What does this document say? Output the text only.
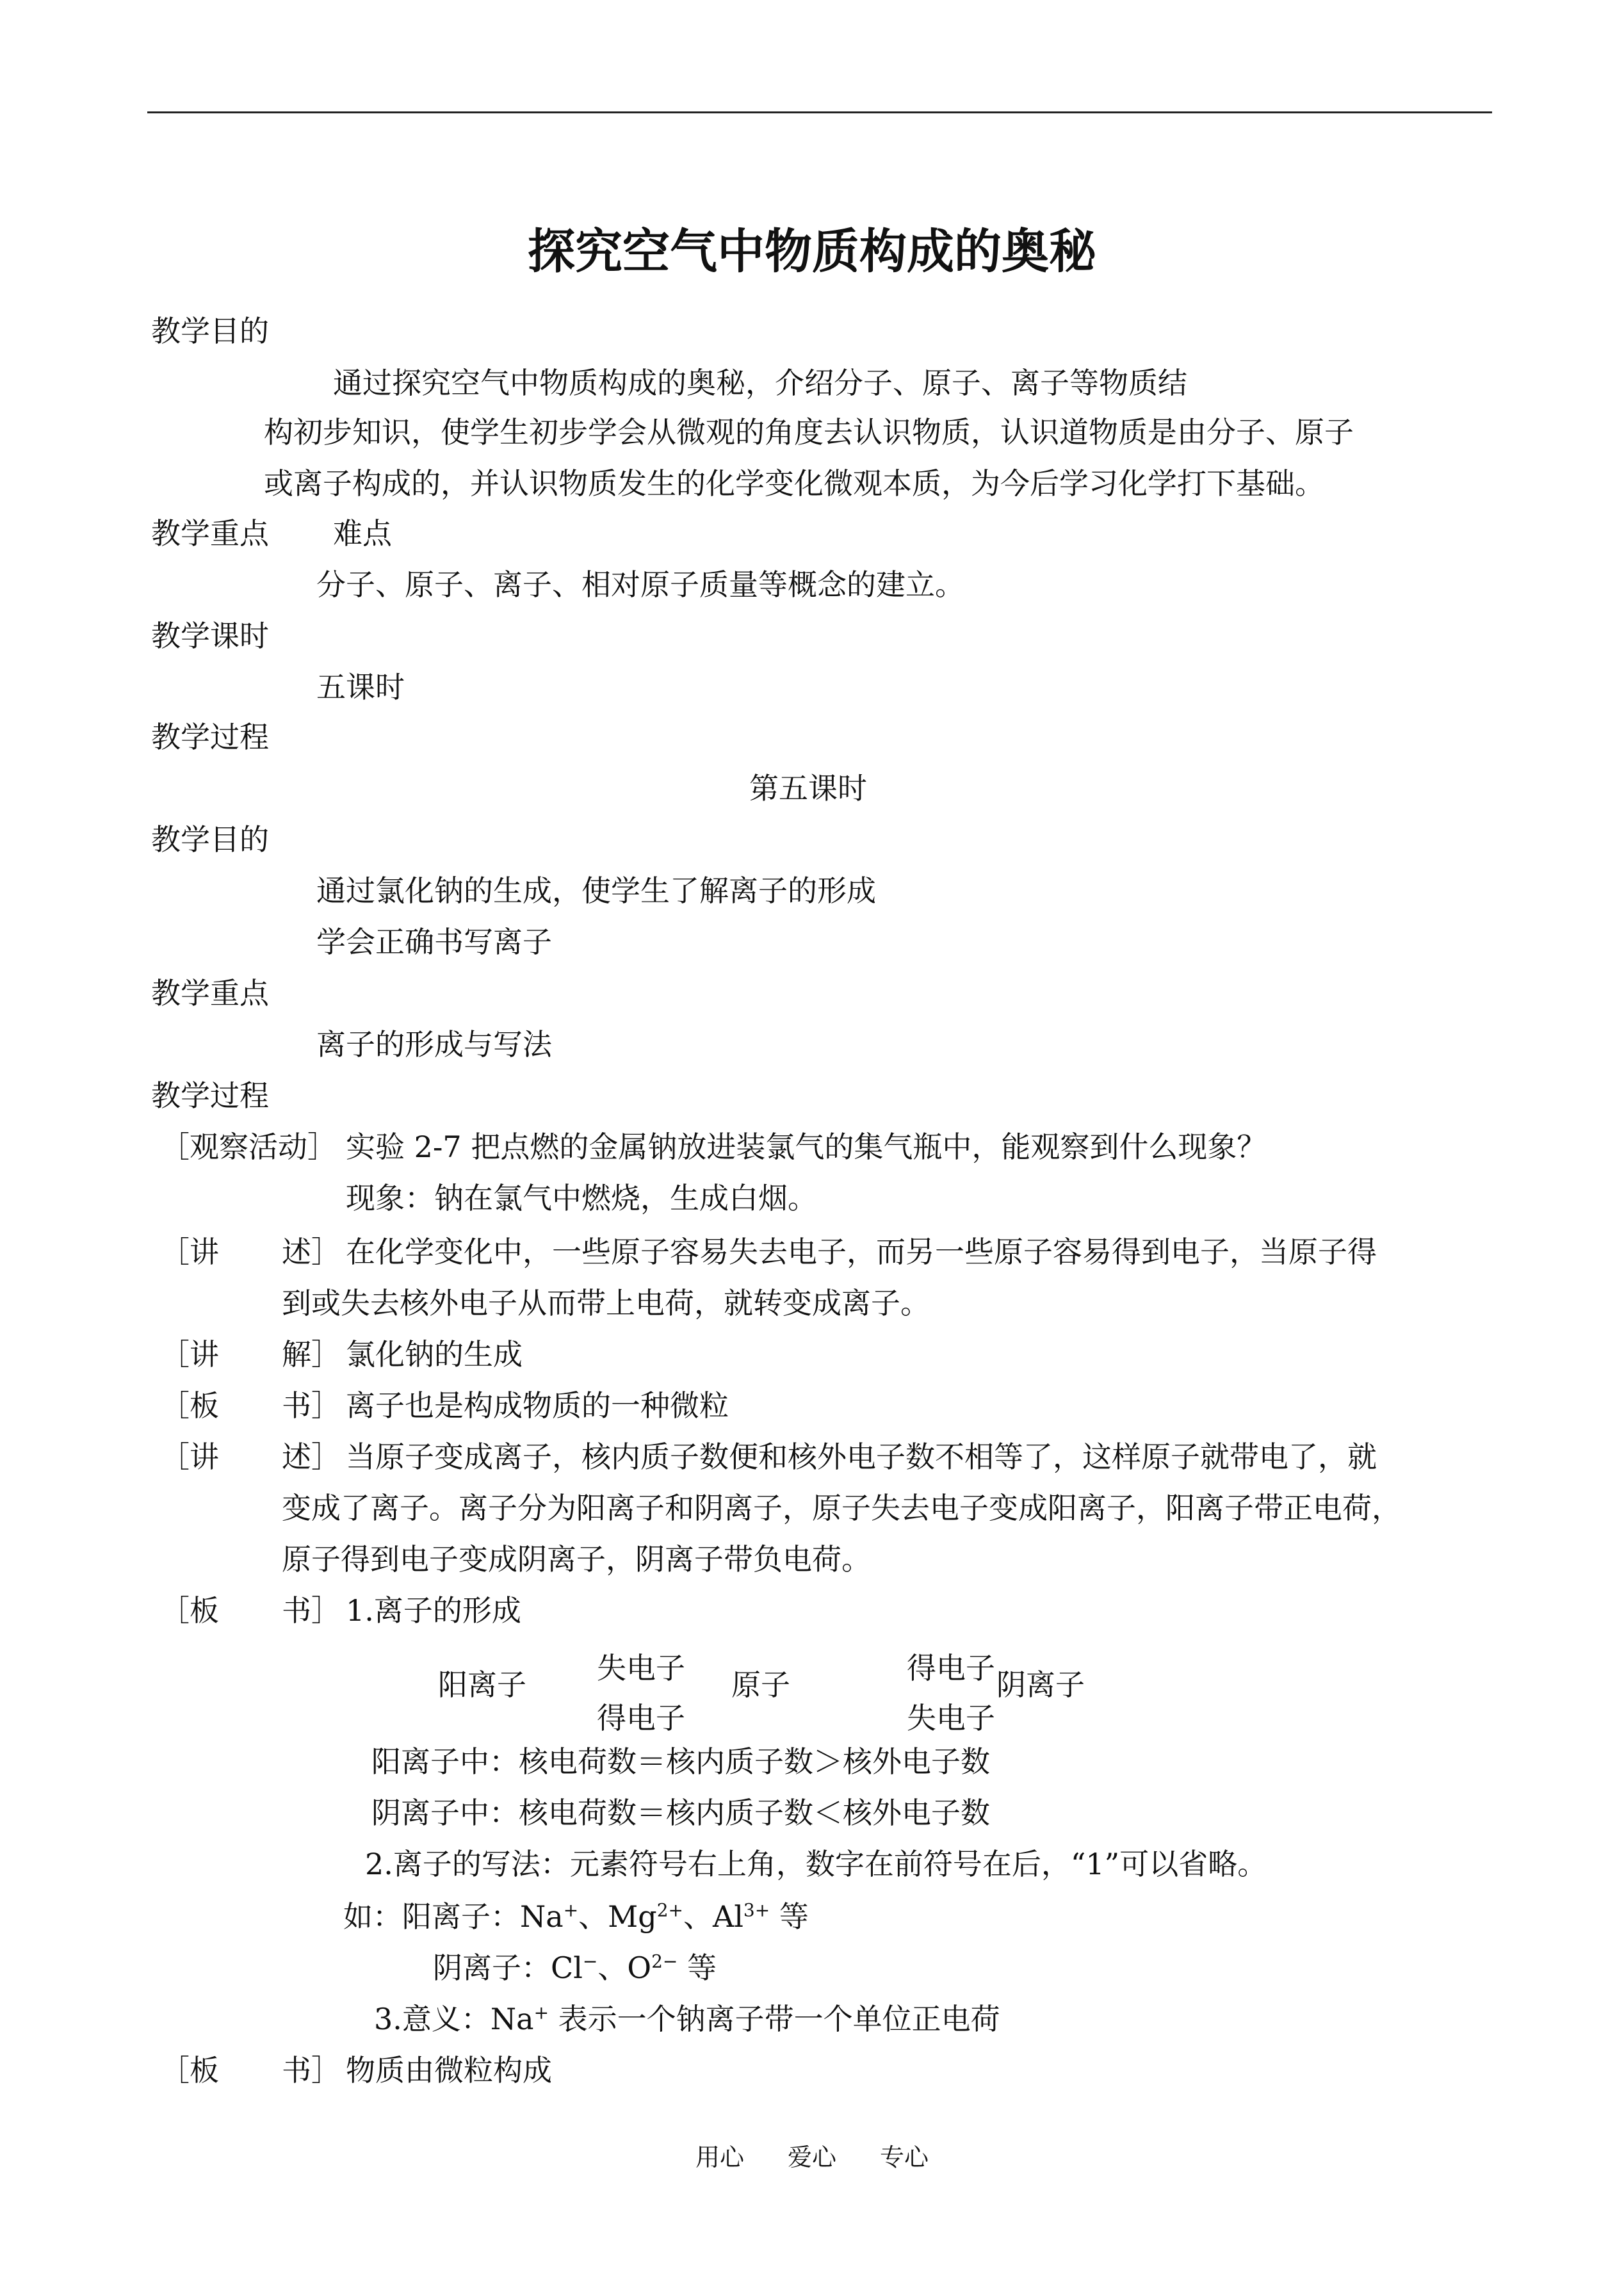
探究空气中物质构成的奥秘
教学目的
通过探究空气中物质构成的奥秘，介绍分子、原子、离子等物质结
构初步知识，使学生初步学会从微观的角度去认识物质，认识道物质是由分子、原子
或离子构成的，并认识物质发生的化学变化微观本质，为今后学习化学打下基础。
教学重点 难点
分子、原子、离子、相对原子质量等概念的建立。
教学课时
五课时
教学过程
第五课时
教学目的
通过氯化钠的生成，使学生了解离子的形成
学会正确书写离子
教学重点
离子的形成与写法
教学过程
［观察活动］ 实验 2-7 把点燃的金属钠放进装氯气的集气瓶中，能观察到什么现象？
现象：钠在氯气中燃烧，生成白烟。
［讲 述］ 在化学变化中，一些原子容易失去电子，而另一些原子容易得到电子，当原子得
到或失去核外电子从而带上电荷，就转变成离子。
［讲 解］ 氯化钠的生成
［板 书］ 离子也是构成物质的一种微粒
［讲 述］ 当原子变成离子，核内质子数便和核外电子数不相等了，这样原子就带电了，就
变成了离子。离子分为阳离子和阴离子，原子失去电子变成阳离子，阳离子带正电荷，
原子得到电子变成阴离子，阴离子带负电荷。
［板 书］ 1.离子的形成
阳离子 失电子
得电子
原子	得电子
失电子
阴离子
阳离子中：核电荷数＝核内质子数＞核外电子数
阴离子中：核电荷数＝核内质子数＜核外电子数
2.离子的写法：元素符号右上角，数字在前符号在后，“1”可以省略。
如：阳离子：Na+、$Mg^{2+}$、$Al^{3+}$ 等
阴离子：Cl−、$O^{2-}$ 等
3.意义：Na+ 表示一个钠离子带一个单位正电荷
［板 书］ 物质由微粒构成
用心 爱心 专心
